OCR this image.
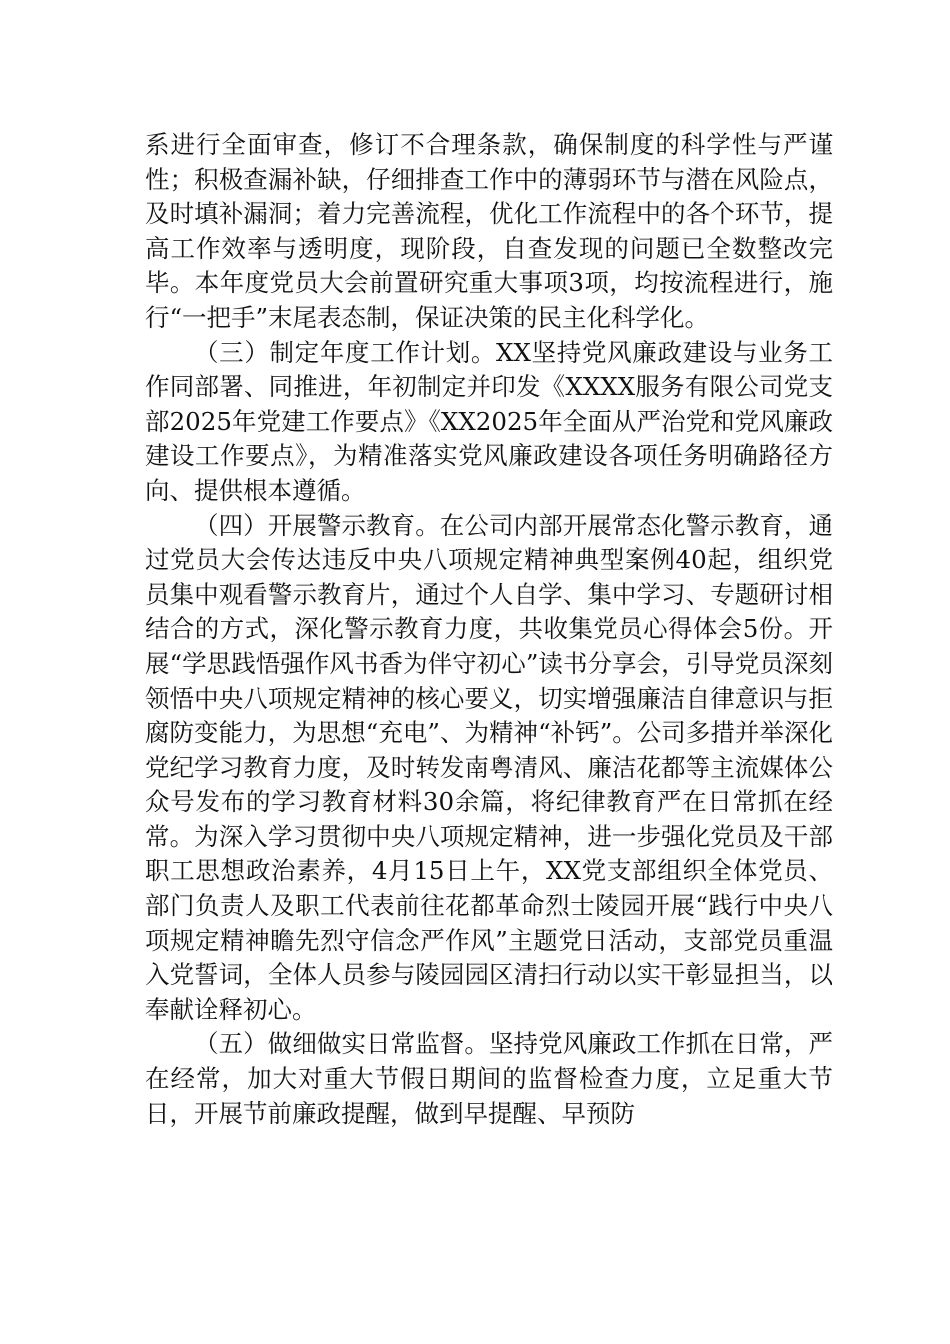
系进行全面审查，修订不合理条款，确保制度的科学性与严谨性；积极查漏补缺，仔细排查工作中的薄弱环节与潜在风险点，及时填补漏洞；着力完善流程，优化工作流程中的各个环节，提高工作效率与透明度，现阶段，自查发现的问题已全数整改完毕。本年度党员大会前置研究重大事项3项，均按流程进行，施行“一把手”末尾表态制，保证决策的民主化科学化。

（三）制定年度工作计划。XX坚持党风廉政建设与业务工作同部署、同推进，年初制定并印发《XXXX服务有限公司党支部2025年党建工作要点》《XX2025年全面从严治党和党风廉政建设工作要点》，为精准落实党风廉政建设各项任务明确路径方向、提供根本遵循。

（四）开展警示教育。在公司内部开展常态化警示教育，通过党员大会传达违反中央八项规定精神典型案例40起，组织党员集中观看警示教育片，通过个人自学、集中学习、专题研讨相结合的方式，深化警示教育力度，共收集党员心得体会5份。开展“学思践悟强作风书香为伴守初心”读书分享会，引导党员深刻领悟中央八项规定精神的核心要义，切实增强廉洁自律意识与拒腐防变能力，为思想“充电”、为精神“补钙”。公司多措并举深化党纪学习教育力度，及时转发南粤清风、廉洁花都等主流媒体公众号发布的学习教育材料30余篇，将纪律教育严在日常抓在经常。为深入学习贯彻中央八项规定精神，进一步强化党员及干部职工思想政治素养，4月15日上午，XX党支部组织全体党员、部门负责人及职工代表前往花都革命烈士陵园开展“践行中央八项规定精神瞻先烈守信念严作风”主题党日活动，支部党员重温入党誓词，全体人员参与陵园园区清扫行动以实干彰显担当，以奉献诠释初心。

（五）做细做实日常监督。坚持党风廉政工作抓在日常，严在经常，加大对重大节假日期间的监督检查力度，立足重大节日，开展节前廉政提醒，做到早提醒、早预防
